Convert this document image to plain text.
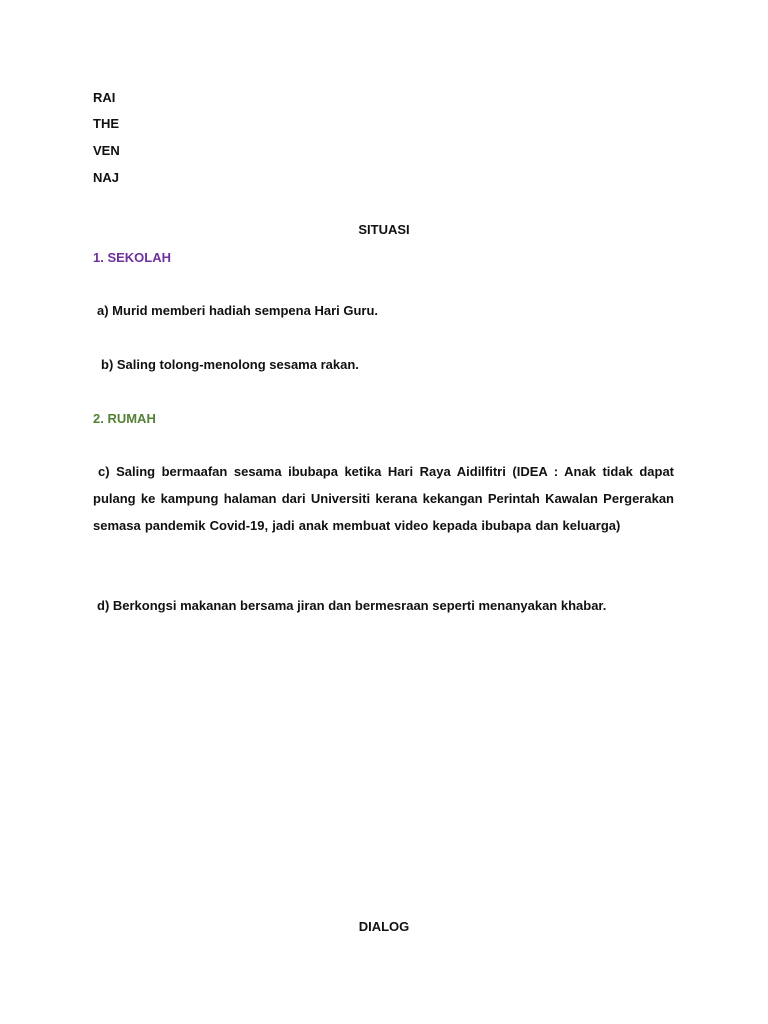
RAI
THE
VEN
NAJ
SITUASI
1. SEKOLAH
a) Murid memberi hadiah sempena Hari Guru.
b) Saling tolong-menolong sesama rakan.
2. RUMAH
c) Saling bermaafan sesama ibubapa ketika Hari Raya Aidilfitri (IDEA : Anak tidak dapat pulang ke kampung halaman dari Universiti kerana kekangan Perintah Kawalan Pergerakan semasa pandemik Covid-19, jadi anak membuat video kepada ibubapa dan keluarga)
d) Berkongsi makanan bersama jiran dan bermesraan seperti menanyakan khabar.
DIALOG
